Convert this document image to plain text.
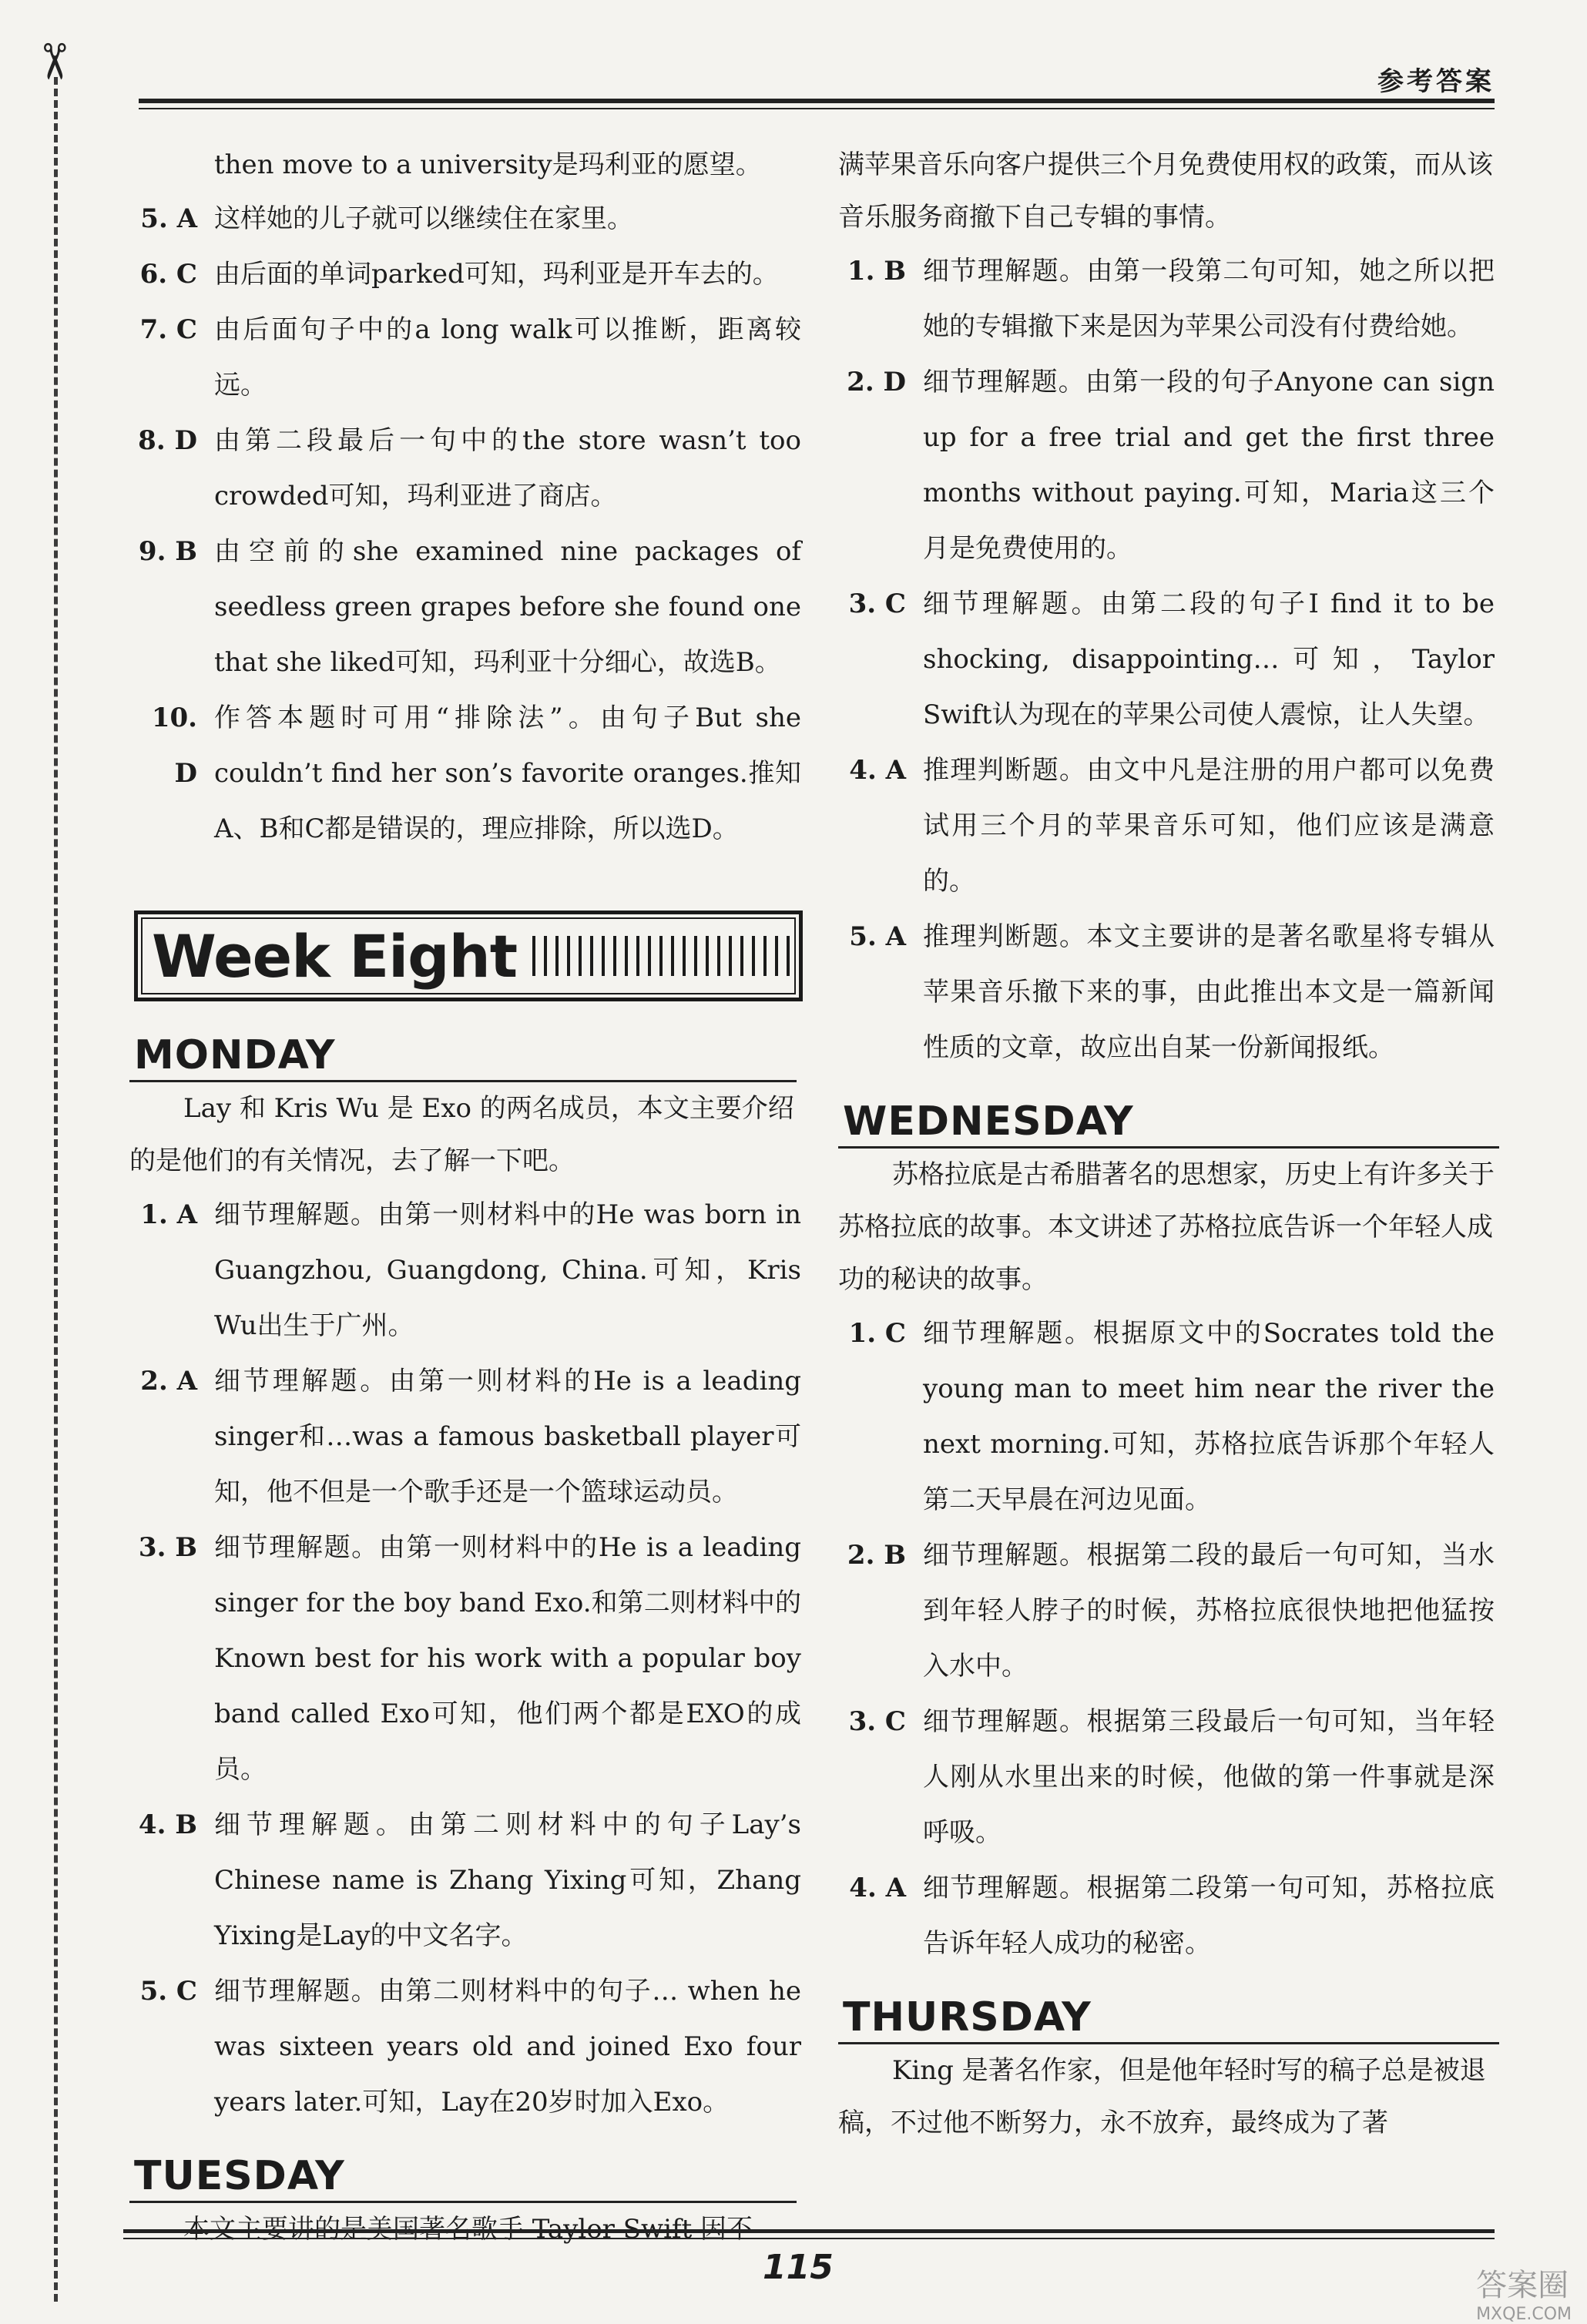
✂	参考答案

then move to a university是玛利亚的愿望。

5. A 这样她的儿子就可以继续住在家里。
6. C 由后面的单词parked可知，玛利亚是开车去的。
7. C 由后面句子中的a long walk可以推断，距离较远。
8. D 由第二段最后一句中的the store wasn’t too crowded可知，玛利亚进了商店。
9. B 由空前的she examined nine packages of seedless green grapes before she found one that she liked可知，玛利亚十分细心，故选B。
10. D
作答本题时可用“排除法”。由句子But she couldn’t find her son’s favorite oranges.推知A、B和C都是错误的，理应排除，所以选D。
Week Eight
MONDAY

Lay 和 Kris Wu 是 Exo 的两名成员，本文主要介绍的是他们的有关情况，去了解一下吧。

1. A 细节理解题。由第一则材料中的He was born in Guangzhou, Guangdong, China.可知，Kris Wu出生于广州。
2. A 细节理解题。由第一则材料的He is a leading singer和…was a famous basketball player可知，他不但是一个歌手还是一个篮球运动员。
3. B 细节理解题。由第一则材料中的He is a leading singer for the boy band Exo.和第二则材料中的Known best for his work with a popular boy band called Exo可知，他们两个都是EXO的成员。
4. B 细节理解题。由第二则材料中的句子Lay’s Chinese name is Zhang Yixing可知，Zhang Yixing是Lay的中文名字。
5. C 细节理解题。由第二则材料中的句子… when he was sixteen years old and joined Exo four years later.可知，Lay在20岁时加入Exo。
TUESDAY

本文主要讲的是美国著名歌手 Taylor Swift 因不

满苹果音乐向客户提供三个月免费使用权的政策，而从该音乐服务商撤下自己专辑的事情。

1. B 细节理解题。由第一段第二句可知，她之所以把她的专辑撤下来是因为苹果公司没有付费给她。
2. D 细节理解题。由第一段的句子Anyone can sign up for a free trial and get the first three months without paying.可知，Maria这三个月是免费使用的。
3. C 细节理解题。由第二段的句子I find it to be shocking, disappointing…可知，Taylor Swift认为现在的苹果公司使人震惊，让人失望。
4. A 推理判断题。由文中凡是注册的用户都可以免费试用三个月的苹果音乐可知，他们应该是满意的。
5. A 推理判断题。本文主要讲的是著名歌星将专辑从苹果音乐撤下来的事，由此推出本文是一篇新闻性质的文章，故应出自某一份新闻报纸。
WEDNESDAY

苏格拉底是古希腊著名的思想家，历史上有许多关于苏格拉底的故事。本文讲述了苏格拉底告诉一个年轻人成功的秘诀的故事。

1. C 细节理解题。根据原文中的Socrates told the young man to meet him near the river the next morning.可知，苏格拉底告诉那个年轻人第二天早晨在河边见面。
2. B 细节理解题。根据第二段的最后一句可知，当水到年轻人脖子的时候，苏格拉底很快地把他猛按入水中。
3. C 细节理解题。根据第三段最后一句可知，当年轻人刚从水里出来的时候，他做的第一件事就是深呼吸。
4. A 细节理解题。根据第二段第一句可知，苏格拉底告诉年轻人成功的秘密。
THURSDAY

King 是著名作家，但是他年轻时写的稿子总是被退稿，不过他不断努力，永不放弃，最终成为了著

115	答案圈
MXQE.COM
